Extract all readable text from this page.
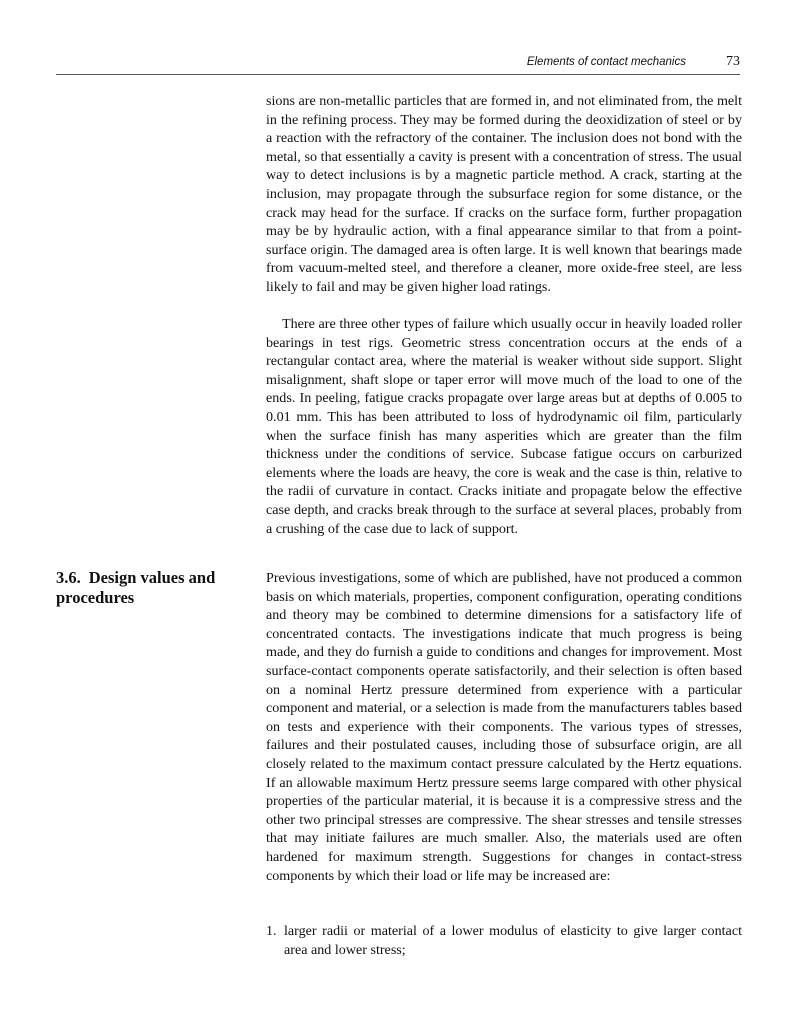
Elements of contact mechanics	73

sions are non-metallic particles that are formed in, and not eliminated from, the melt in the refining process. They may be formed during the deoxidization of steel or by a reaction with the refractory of the container. The inclusion does not bond with the metal, so that essentially a cavity is present with a concentration of stress. The usual way to detect inclusions is by a magnetic particle method. A crack, starting at the inclusion, may propagate through the subsurface region for some distance, or the crack may head for the surface. If cracks on the surface form, further propagation may be by hydraulic action, with a final appearance similar to that from a point-surface origin. The damaged area is often large. It is well known that bearings made from vacuum-melted steel, and therefore a cleaner, more oxide-free steel, are less likely to fail and may be given higher load ratings.

There are three other types of failure which usually occur in heavily loaded roller bearings in test rigs. Geometric stress concentration occurs at the ends of a rectangular contact area, where the material is weaker without side support. Slight misalignment, shaft slope or taper error will move much of the load to one of the ends. In peeling, fatigue cracks propagate over large areas but at depths of 0.005 to 0.01 mm. This has been attributed to loss of hydrodynamic oil film, particularly when the surface finish has many asperities which are greater than the film thickness under the conditions of service. Subcase fatigue occurs on carburized elements where the loads are heavy, the core is weak and the case is thin, relative to the radii of curvature in contact. Cracks initiate and propagate below the effective case depth, and cracks break through to the surface at several places, probably from a crushing of the case due to lack of support.

3.6. Design values and procedures

Previous investigations, some of which are published, have not produced a common basis on which materials, properties, component configuration, operating conditions and theory may be combined to determine dimensions for a satisfactory life of concentrated contacts. The investigations indicate that much progress is being made, and they do furnish a guide to conditions and changes for improvement. Most surface-contact components operate satisfactorily, and their selection is often based on a nominal Hertz pressure determined from experience with a particular component and material, or a selection is made from the manufacturers tables based on tests and experience with their components. The various types of stresses, failures and their postulated causes, including those of subsurface origin, are all closely related to the maximum contact pressure calculated by the Hertz equations. If an allowable maximum Hertz pressure seems large compared with other physical properties of the particular material, it is because it is a compressive stress and the other two principal stresses are compressive. The shear stresses and tensile stresses that may initiate failures are much smaller. Also, the materials used are often hardened for maximum strength. Suggestions for changes in contact-stress components by which their load or life may be increased are:

1. larger radii or material of a lower modulus of elasticity to give larger contact area and lower stress;
